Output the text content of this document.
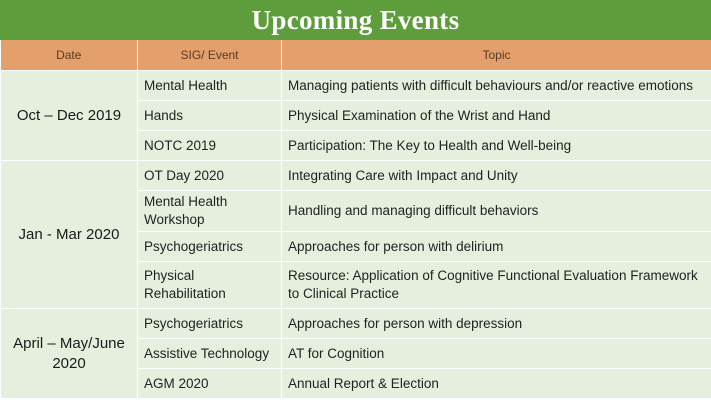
Upcoming Events
Date	SIG/ Event	Topic
Oct – Dec 2019	Mental Health	Managing patients with difficult behaviours and/or reactive emotions
	Hands	Physical Examination of the Wrist and Hand
	NOTC 2019	Participation: The Key to Health and Well-being
Jan - Mar 2020	OT Day 2020	Integrating Care with Impact and Unity
	Mental Health Workshop	Handling and managing difficult behaviors
	Psychogeriatrics	Approaches for person with delirium
	Physical Rehabilitation	Resource: Application of Cognitive Functional Evaluation Framework to Clinical Practice
April – May/June 2020	Psychogeriatrics	Approaches for person with depression
	Assistive Technology	AT for Cognition
	AGM 2020	Annual Report & Election
